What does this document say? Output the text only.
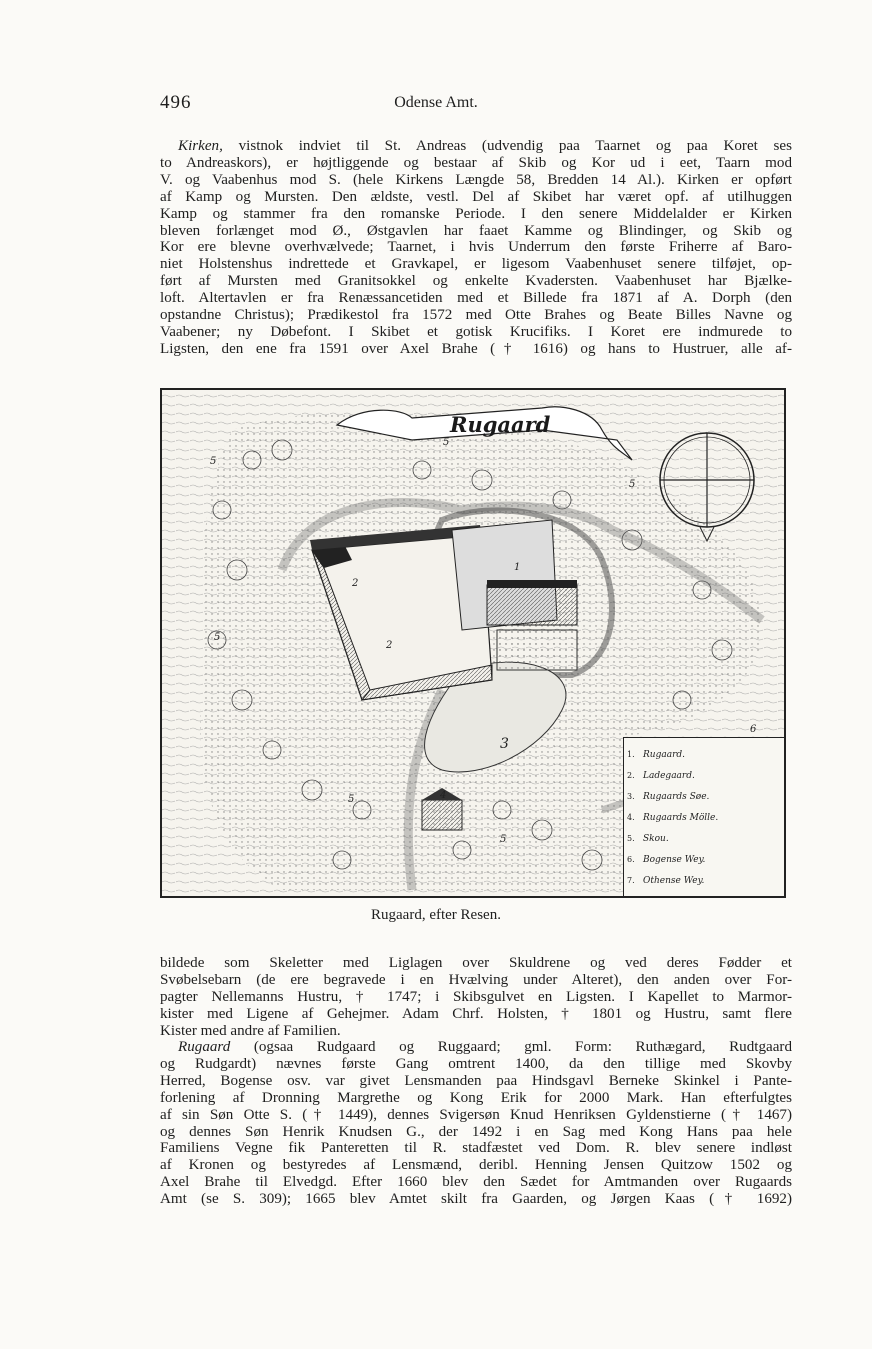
496	Odense Amt.
Kirken, vistnok indviet til St. Andreas (udvendig paa Taarnet og paa Koret ses
to Andreaskors), er højtliggende og bestaar af Skib og Kor ud i eet, Taarn mod
V. og Vaabenhus mod S. (hele Kirkens Længde 58, Bredden 14 Al.). Kirken er opført
af Kamp og Mursten. Den ældste, vestl. Del af Skibet har været opf. af utilhuggen
Kamp og stammer fra den romanske Periode. I den senere Middelalder er Kirken
bleven forlænget mod Ø., Østgavlen har faaet Kamme og Blindinger, og Skib og
Kor ere blevne overhvælvede; Taarnet, i hvis Underrum den første Friherre af Baro-
niet Holstenshus indrettede et Gravkapel, er ligesom Vaabenhuset senere tilføjet, op-
ført af Mursten med Granitsokkel og enkelte Kvadersten. Vaabenhuset har Bjælke-
loft. Altertavlen er fra Renæssancetiden med et Billede fra 1871 af A. Dorph (den
opstandne Christus); Prædikestol fra 1572 med Otte Brahes og Beate Billes Navne og
Vaabener; ny Døbefont. I Skibet et gotisk Krucifiks. I Koret ere indmurede to
Ligsten, den ene fra 1591 over Axel Brahe († 1616) og hans to Hustruer, alle af-
Rugaard
1
2
2
3
4
5
5
5
5
5
5
6
1. Rugaard.
2. Ladegaard.
3. Rugaards Søe.
4. Rugaards Mölle.
5. Skou.
6. Bogense Wey.
7. Othense Wey.
Rugaard, efter Resen.
bildede som Skeletter med Liglagen over Skuldrene og ved deres Fødder et
Svøbelsebarn (de ere begravede i en Hvælving under Alteret), den anden over For-
pagter Nellemanns Hustru, † 1747; i Skibsgulvet en Ligsten. I Kapellet to Marmor-
kister med Ligene af Gehejmer. Adam Chrf. Holsten, † 1801 og Hustru, samt flere
Kister med andre af Familien.
Rugaard (ogsaa Rudgaard og Ruggaard; gml. Form: Ruthægard, Rudtgaard
og Rudgardt) nævnes første Gang omtrent 1400, da den tillige med Skovby
Herred, Bogense osv. var givet Lensmanden paa Hindsgavl Berneke Skinkel i Pante-
forlening af Dronning Margrethe og Kong Erik for 2000 Mark. Han efterfulgtes
af sin Søn Otte S. († 1449), dennes Svigersøn Knud Henriksen Gyldenstierne († 1467)
og dennes Søn Henrik Knudsen G., der 1492 i en Sag med Kong Hans paa hele
Familiens Vegne fik Panteretten til R. stadfæstet ved Dom. R. blev senere indløst
af Kronen og bestyredes af Lensmænd, deribl. Henning Jensen Quitzow 1502 og
Axel Brahe til Elvedgd. Efter 1660 blev den Sædet for Amtmanden over Rugaards
Amt (se S. 309); 1665 blev Amtet skilt fra Gaarden, og Jørgen Kaas († 1692)
